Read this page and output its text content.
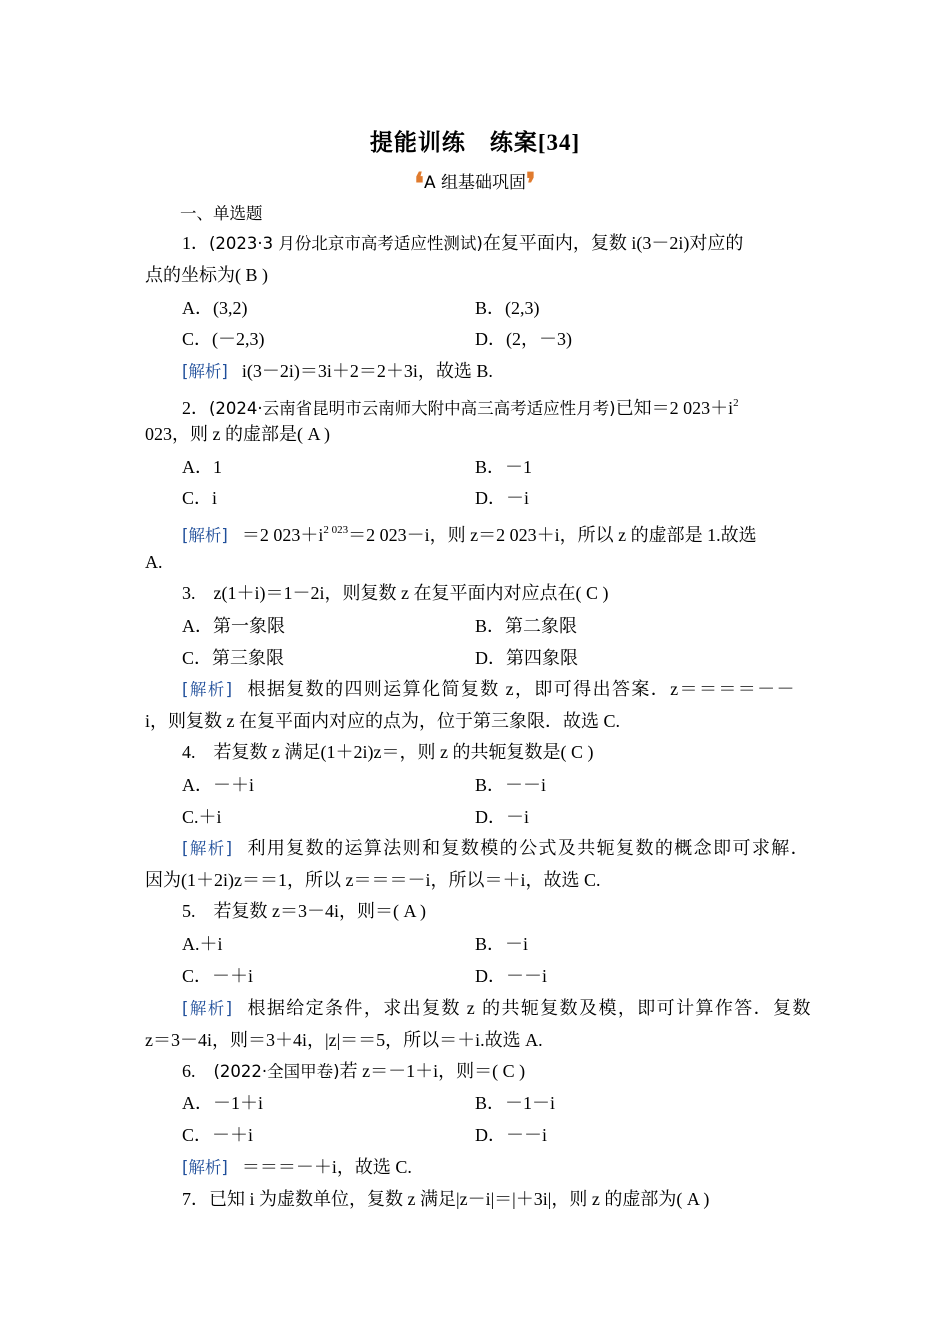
提能训练　练案[34]
❛A 组基础巩固❜
一、单选题
1．(2023·3 月份北京市高考适应性测试)在复平面内，复数 i(3－2i)对应的
点的坐标为( B )
A．(3,2)	B．(2,3)
C．(－2,3)	D．(2，－3)
[解析] i(3－2i)＝3i＋2＝2＋3i，故选 B.
2．(2024·云南省昆明市云南师大附中高三高考适应性月考)已知＝2 $023+i^2$
023，则 z 的虚部是( A )
A．1	B．－1
C．i	D．－i
[解析] ＝2 $023+i^{2 023}=2$ 023－i，则 z＝2 023＋i，所以 z 的虚部是 1.故选
A.
3.　z(1＋i)＝1－2i，则复数 z 在复平面内对应点在( C )
A．第一象限	B．第二象限
C．第三象限	D．第四象限
[解析] 根据复数的四则运算化简复数 z，即可得出答案．z＝＝＝＝－－
i，则复数 z 在复平面内对应的点为，位于第三象限．故选 C.
4.　若复数 z 满足(1＋2i)z＝，则 z 的共轭复数是( C )
A．－＋i	B．－－i
C.＋i	D．－i
[解析] 利用复数的运算法则和复数模的公式及共轭复数的概念即可求解．
因为(1＋2i)z＝＝1，所以 z＝＝＝－i，所以＝＋i，故选 C.
5.　若复数 z＝3－4i，则＝( A )
A.＋i	B．－i
C．－＋i	D．－－i
[解析] 根据给定条件，求出复数 z 的共轭复数及模，即可计算作答．复数
z＝3－4i，则＝3＋4i，|z|＝＝5，所以＝＋i.故选 A.
6.　(2022·全国甲卷)若 z＝－1＋i，则＝( C )
A．－1＋i	B．－1－i
C．－＋i	D．－－i
[解析] ＝＝＝－＋i，故选 C.
7．已知 i 为虚数单位，复数 z 满足|z－i|＝|＋3i|，则 z 的虚部为( A )
